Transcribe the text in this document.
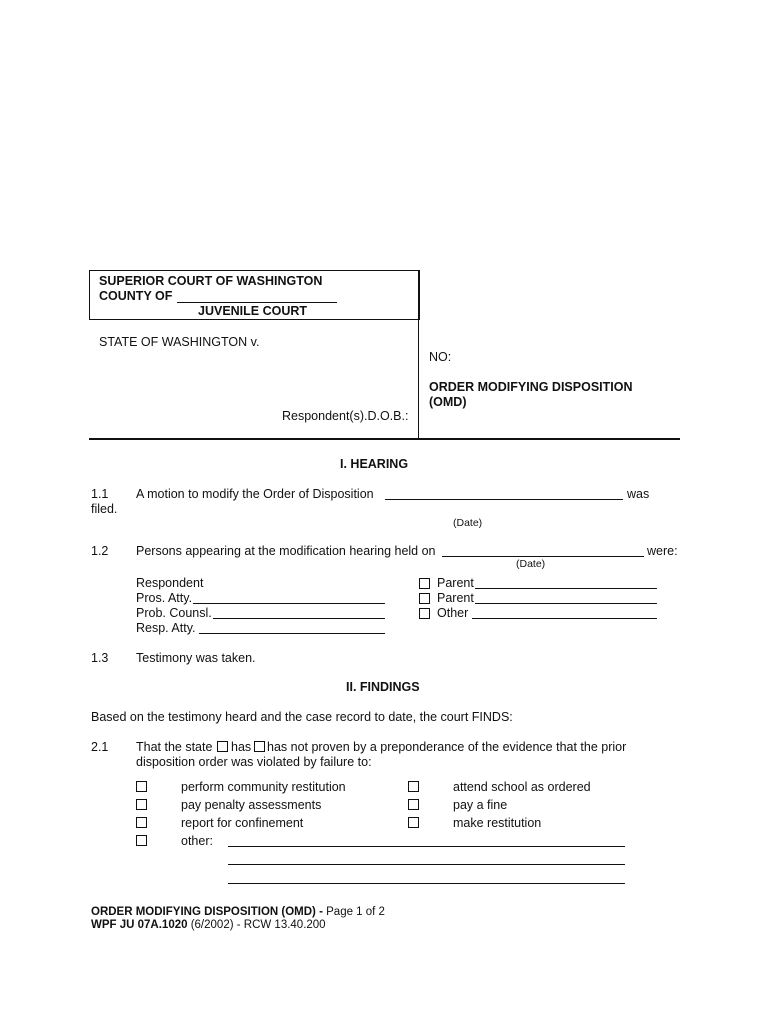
SUPERIOR COURT OF WASHINGTON
COUNTY OF
JUVENILE COURT
STATE OF WASHINGTON v.
Respondent(s).D.O.B.:
NO:
ORDER MODIFYING DISPOSITION
(OMD)
I. HEARING
1.1 A motion to modify the Order of Disposition	was
filed.
(Date)
1.2 Persons appearing at the modification hearing held on	were:
(Date)
Respondent
Pros. Atty.
Prob. Counsl.
Resp. Atty.
Parent
Parent
Other
1.3 Testimony was taken.
II. FINDINGS
Based on the testimony heard and the case record to date, the court FINDS:
2.1 That the state has has not proven by a preponderance of the evidence that the prior
disposition order was violated by failure to:
perform community restitution
pay penalty assessments
report for confinement
other:
attend school as ordered
pay a fine
make restitution
ORDER MODIFYING DISPOSITION (OMD) - Page 1 of 2
WPF JU 07A.1020 (6/2002) - RCW 13.40.200
